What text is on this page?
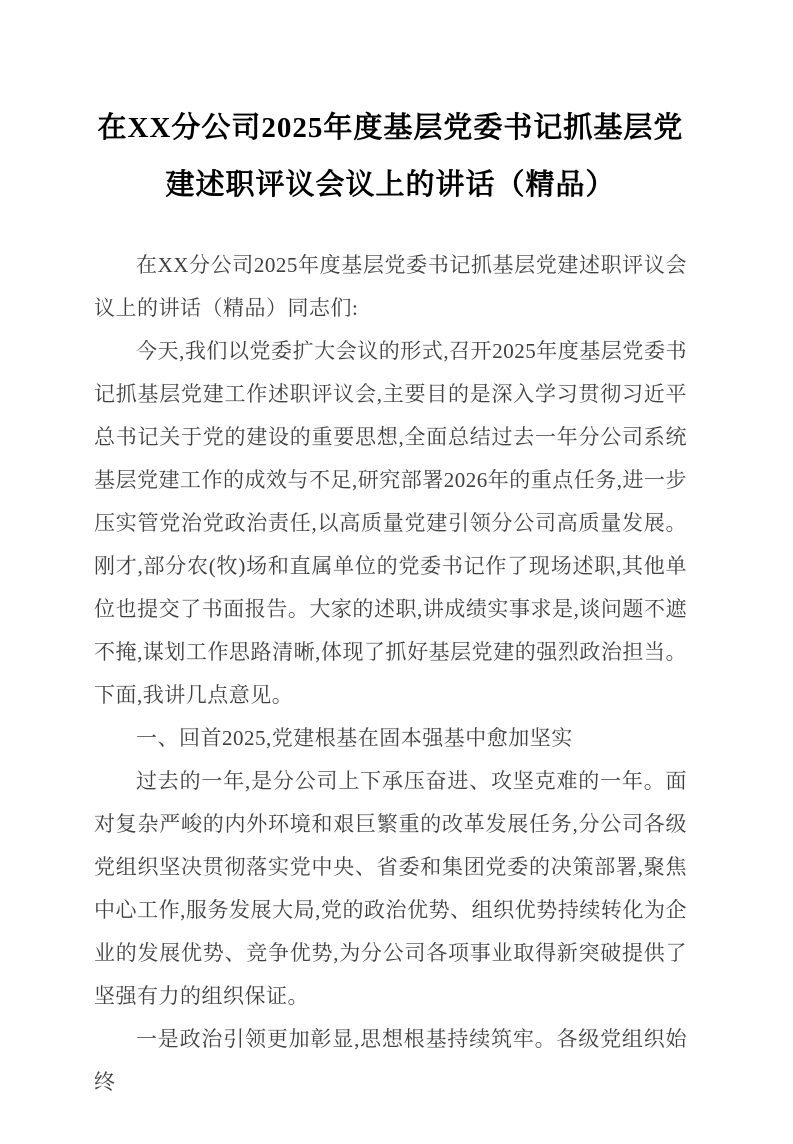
在XX分公司2025年度基层党委书记抓基层党建述职评议会议上的讲话（精品）

在XX分公司2025年度基层党委书记抓基层党建述职评议会议上的讲话（精品）同志们:

今天,我们以党委扩大会议的形式,召开2025年度基层党委书记抓基层党建工作述职评议会,主要目的是深入学习贯彻习近平总书记关于党的建设的重要思想,全面总结过去一年分公司系统基层党建工作的成效与不足,研究部署2026年的重点任务,进一步压实管党治党政治责任,以高质量党建引领分公司高质量发展。刚才,部分农(牧)场和直属单位的党委书记作了现场述职,其他单位也提交了书面报告。大家的述职,讲成绩实事求是,谈问题不遮不掩,谋划工作思路清晰,体现了抓好基层党建的强烈政治担当。下面,我讲几点意见。

一、回首2025,党建根基在固本强基中愈加坚实

过去的一年,是分公司上下承压奋进、攻坚克难的一年。面对复杂严峻的内外环境和艰巨繁重的改革发展任务,分公司各级党组织坚决贯彻落实党中央、省委和集团党委的决策部署,聚焦中心工作,服务发展大局,党的政治优势、组织优势持续转化为企业的发展优势、竞争优势,为分公司各项事业取得新突破提供了坚强有力的组织保证。

一是政治引领更加彰显,思想根基持续筑牢。各级党组织始终
